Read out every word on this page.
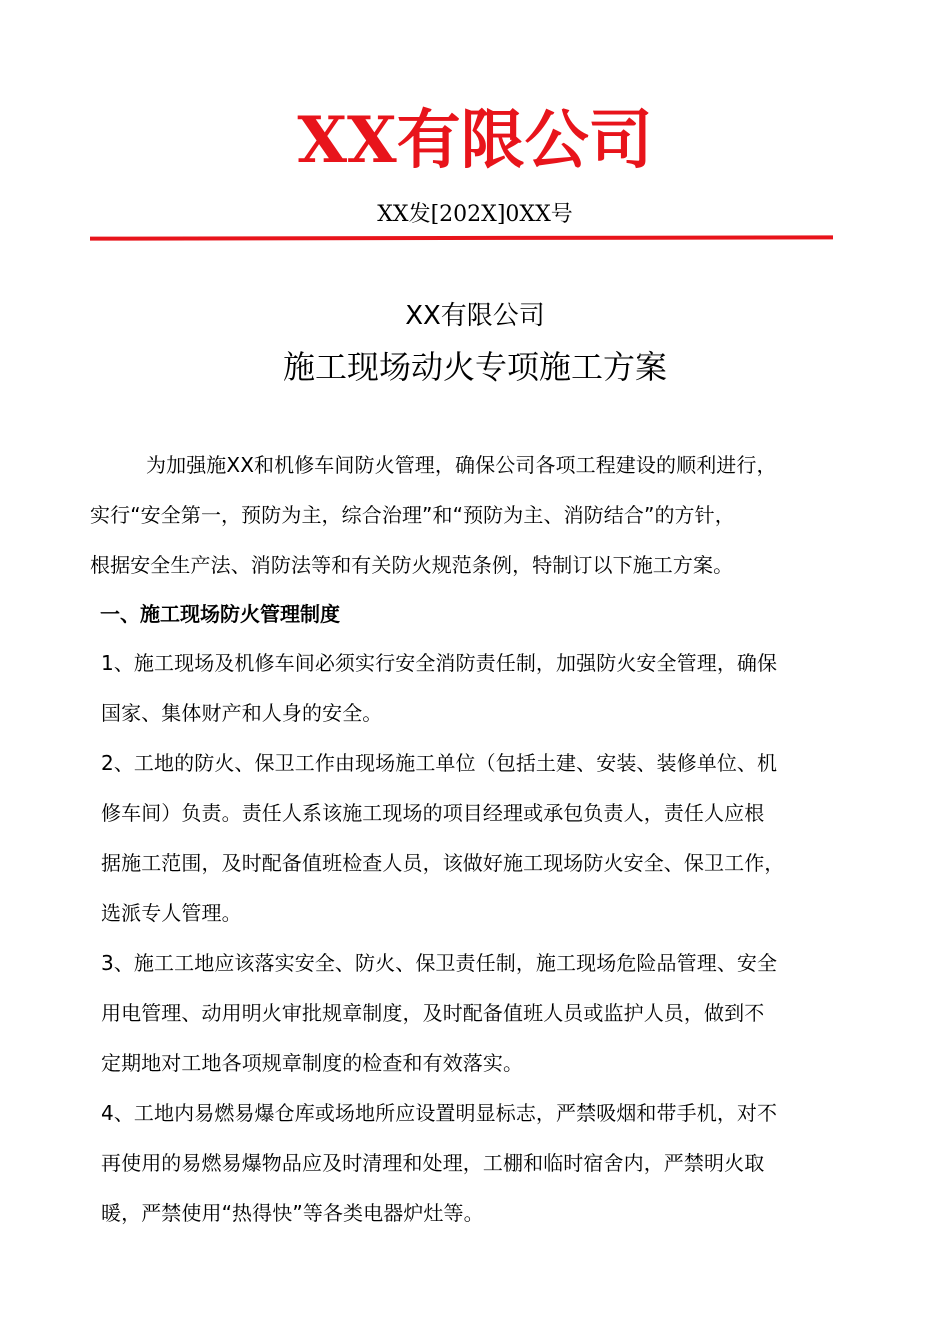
XX有限公司
XX发[202X]0XX号
XX有限公司
施工现场动火专项施工方案
为加强施XX和机修车间防火管理，确保公司各项工程建设的顺利进行，
实行“安全第一，预防为主，综合治理”和“预防为主、消防结合”的方针，
根据安全生产法、消防法等和有关防火规范条例，特制订以下施工方案。
一、施工现场防火管理制度
1、施工现场及机修车间必须实行安全消防责任制，加强防火安全管理，确保
国家、集体财产和人身的安全。
2、工地的防火、保卫工作由现场施工单位（包括土建、安装、装修单位、机
修车间）负责。责任人系该施工现场的项目经理或承包负责人，责任人应根
据施工范围，及时配备值班检查人员，该做好施工现场防火安全、保卫工作，
选派专人管理。
3、施工工地应该落实安全、防火、保卫责任制，施工现场危险品管理、安全
用电管理、动用明火审批规章制度，及时配备值班人员或监护人员，做到不
定期地对工地各项规章制度的检查和有效落实。
4、工地内易燃易爆仓库或场地所应设置明显标志，严禁吸烟和带手机，对不
再使用的易燃易爆物品应及时清理和处理，工棚和临时宿舍内，严禁明火取
暖，严禁使用“热得快”等各类电器炉灶等。
